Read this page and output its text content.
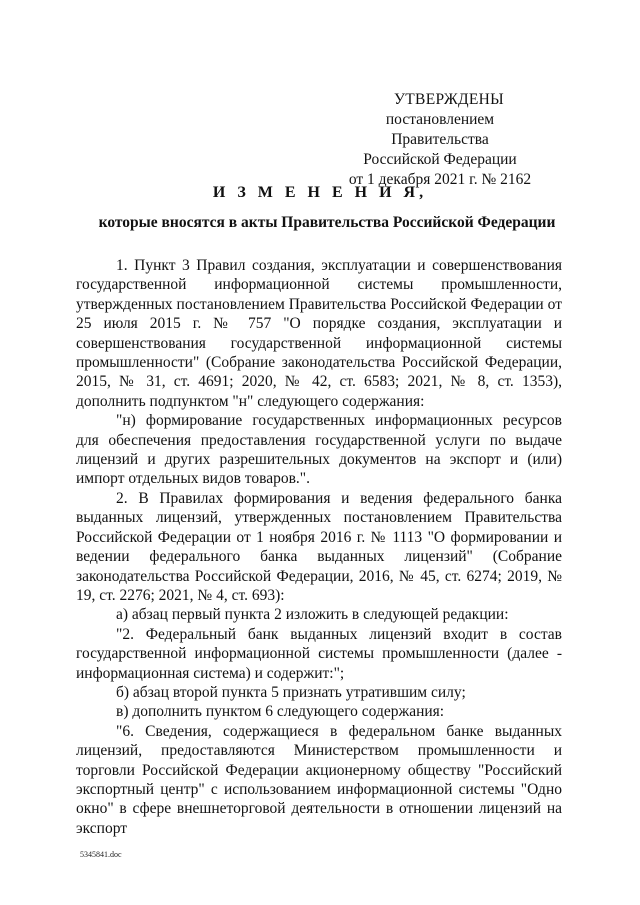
УТВЕРЖДЕНЫ
постановлением Правительства
Российской Федерации
от 1 декабря 2021 г. № 2162
И З М Е Н Е Н И Я,
которые вносятся в акты Правительства Российской Федерации

1. Пункт 3 Правил создания, эксплуатации и совершенствования государственной информационной системы промышленности, утвержденных постановлением Правительства Российской Федерации от 25 июля 2015 г. № 757 "О порядке создания, эксплуатации и совершенствования государственной информационной системы промышленности" (Собрание законодательства Российской Федерации, 2015, № 31, ст. 4691; 2020, № 42, ст. 6583; 2021, № 8, ст. 1353), дополнить подпунктом "н" следующего содержания:

"н) формирование государственных информационных ресурсов для обеспечения предоставления государственной услуги по выдаче лицензий и других разрешительных документов на экспорт и (или) импорт отдельных видов товаров.".

2. В Правилах формирования и ведения федерального банка выданных лицензий, утвержденных постановлением Правительства Российской Федерации от 1 ноября 2016 г. № 1113 "О формировании и ведении федерального банка выданных лицензий" (Собрание законодательства Российской Федерации, 2016, № 45, ст. 6274; 2019, № 19, ст. 2276; 2021, № 4, ст. 693):

а) абзац первый пункта 2 изложить в следующей редакции:

"2. Федеральный банк выданных лицензий входит в состав государственной информационной системы промышленности (далее - информационная система) и содержит:";

б) абзац второй пункта 5 признать утратившим силу;

в) дополнить пунктом 6 следующего содержания:

"6. Сведения, содержащиеся в федеральном банке выданных лицензий, предоставляются Министерством промышленности и торговли Российской Федерации акционерному обществу "Российский экспортный центр" с использованием информационной системы "Одно окно" в сфере внешнеторговой деятельности в отношении лицензий на экспорт

5345841.doc
